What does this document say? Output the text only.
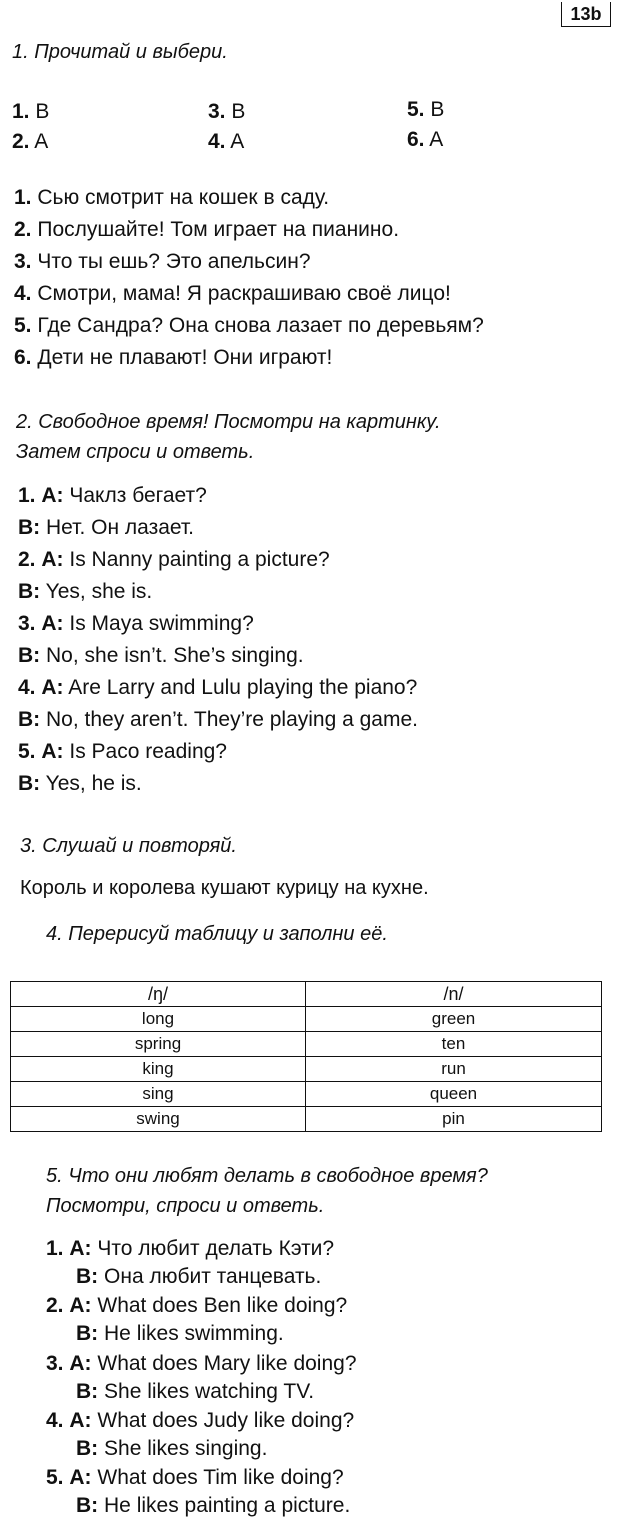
13b
1. Прочитай и выбери.
1. B
2. A
3. B
4. A
5. B
6. A
1. Сью смотрит на кошек в саду.
2. Послушайте! Том играет на пианино.
3. Что ты ешь? Это апельсин?
4. Смотри, мама! Я раскрашиваю своё лицо!
5. Где Сандра? Она снова лазает по деревьям?
6. Дети не плавают! Они играют!
2. Свободное время! Посмотри на картинку.
Затем спроси и ответь.
1. A: Чаклз бегает?
B: Нет. Он лазает.
2. A: Is Nanny painting a picture?
B: Yes, she is.
3. A: Is Maya swimming?
B: No, she isn’t. She’s singing.
4. A: Are Larry and Lulu playing the piano?
B: No, they aren’t. They’re playing a game.
5. A: Is Paco reading?
B: Yes, he is.
3. Слушай и повторяй.
Король и королева кушают курицу на кухне.
4. Перерисуй таблицу и заполни её.
/ŋ/	/n/
long	green
spring	ten
king	run
sing	queen
swing	pin
5. Что они любят делать в свободное время?
Посмотри, спроси и ответь.
1. A: Что любит делать Кэти?
B: Она любит танцевать.
2. A: What does Ben like doing?
B: He likes swimming.
3. A: What does Mary like doing?
B: She likes watching TV.
4. A: What does Judy like doing?
B: She likes singing.
5. A: What does Tim like doing?
B: He likes painting a picture.
